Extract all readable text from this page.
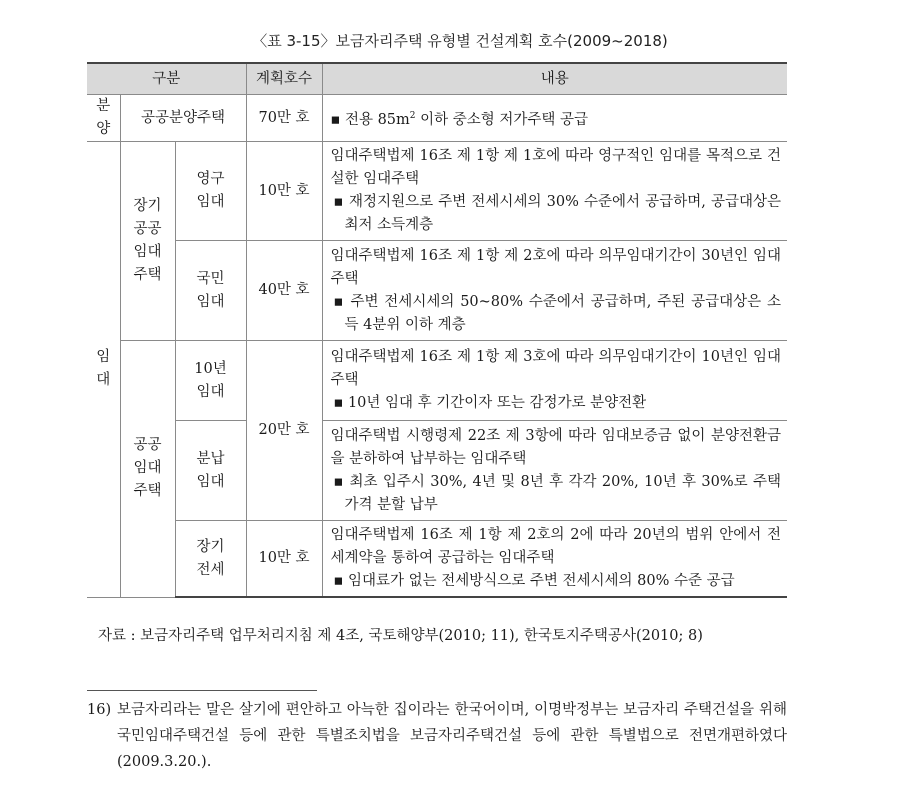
〈표 3-15〉보금자리주택 유형별 건설계획 호수(2009~2018)
구분			계획호수	내용
분양	공공분양주택		70만 호	▪ 전용 $85m^2$ 이하 중소형 저가주택 공급

임대	장기공공임대주택	영구임대	10만 호	임대주택법제 16조 제 1항 제 1호에 따라 영구적인 임대를 목적으로 건설한 임대주택
▪ 재정지원으로 주변 전세시세의 30% 수준에서 공급하며, 공급대상은 최저 소득계층

		국민임대	40만 호	임대주택법제 16조 제 1항 제 2호에 따라 의무임대기간이 30년인 임대주택
▪ 주변 전세시세의 50~80% 수준에서 공급하며, 주된 공급대상은 소득 4분위 이하 계층

	공공임대주택	10년임대	20만 호	임대주택법제 16조 제 1항 제 3호에 따라 의무임대기간이 10년인 임대주택
▪ 10년 임대 후 기간이자 또는 감정가로 분양전환

		분납임대		임대주택법 시행령제 22조 제 3항에 따라 임대보증금 없이 분양전환금을 분하하여 납부하는 임대주택
▪ 최초 입주시 30%, 4년 및 8년 후 각각 20%, 10년 후 30%로 주택가격 분할 납부

		장기전세	10만 호	임대주택법제 16조 제 1항 제 2호의 2에 따라 20년의 범위 안에서 전세계약을 통하여 공급하는 임대주택
▪ 임대료가 없는 전세방식으로 주변 전세시세의 80% 수준 공급
자료 : 보금자리주택 업무처리지침 제 4조, 국토해양부(2010; 11), 한국토지주택공사(2010; 8)
16) 보금자리라는 말은 살기에 편안하고 아늑한 집이라는 한국어이며, 이명박정부는 보금자리 주택건설을 위해 국민임대주택건설 등에 관한 특별조치법을 보금자리주택건설 등에 관한 특별법으로 전면개편하였다(2009.3.20.).
